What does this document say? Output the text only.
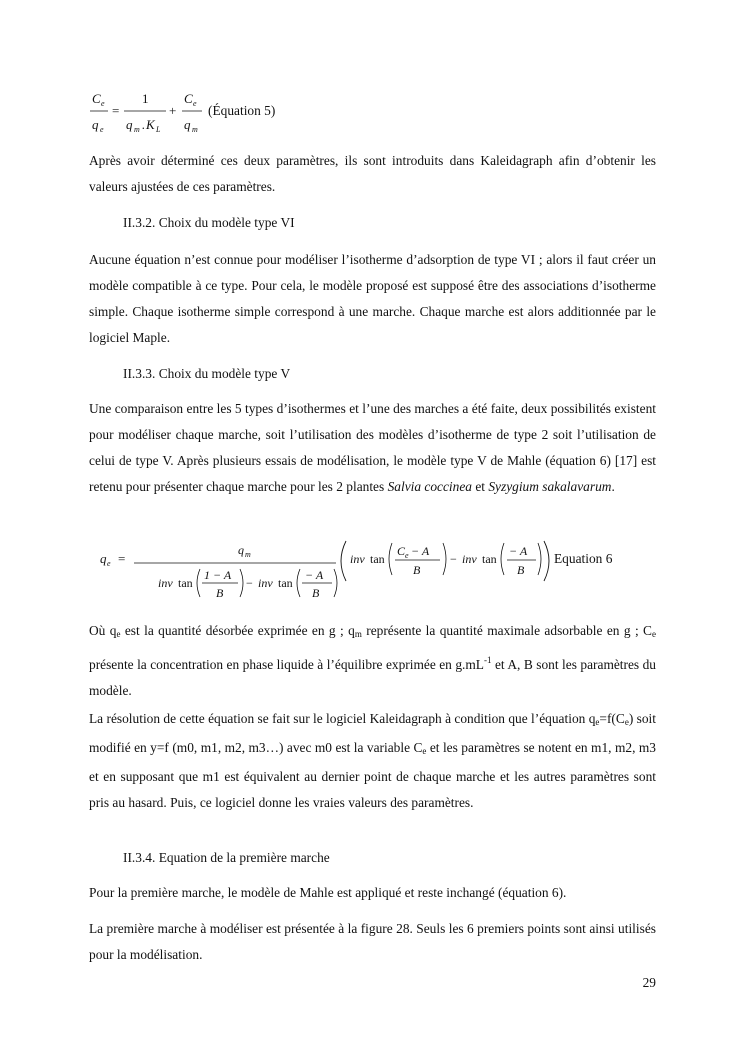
C e
q e
=
1
q m . K L
+
C e
q m
(Équation 5)
Après avoir déterminé ces deux paramètres, ils sont introduits dans Kaleidagraph afin d’obtenir les valeurs ajustées de ces paramètres.
II.3.2. Choix du modèle type VI
Aucune équation n’est connue pour modéliser l’isotherme d’adsorption de type VI ; alors il faut créer un modèle compatible à ce type. Pour cela, le modèle proposé est supposé être des associations d’isotherme simple. Chaque isotherme simple correspond à une marche. Chaque marche est alors additionnée par le logiciel Maple.
II.3.3. Choix du modèle type V
Une comparaison entre les 5 types d’isothermes et l’une des marches a été faite, deux possibilités existent pour modéliser chaque marche, soit l’utilisation des modèles d’isotherme de type 2 soit l’utilisation de celui de type V. Après plusieurs essais de modélisation, le modèle type V de Mahle (équation 6) [17] est retenu pour présenter chaque marche pour les 2 plantes Salvia coccinea et Syzygium sakalavarum.
q e =
q m
inv tan
1 − A
B
− inv tan
− A
B
inv tan
C e − A
B
− inv tan
− A
B
Equation 6
Où $q_e$ est la quantité désorbée exprimée en g ; $q_m$ représente la quantité maximale adsorbable en g ; $C_e$ présente la concentration en phase liquide à l’équilibre exprimée en $g.mL^{-1}$ et A, B sont les paramètres du modèle.
La résolution de cette équation se fait sur le logiciel Kaleidagraph à condition que l’équation $q_e=f(C_e)$ soit modifié en y=f (m0, m1, m2, m3…) avec m0 est la variable $C_e$ et les paramètres se notent en m1, m2, m3 et en supposant que m1 est équivalent au dernier point de chaque marche et les autres paramètres sont pris au hasard. Puis, ce logiciel donne les vraies valeurs des paramètres.
II.3.4. Equation de la première marche
Pour la première marche, le modèle de Mahle est appliqué et reste inchangé (équation 6).
La première marche à modéliser est présentée à la figure 28. Seuls les 6 premiers points sont ainsi utilisés pour la modélisation.
29
